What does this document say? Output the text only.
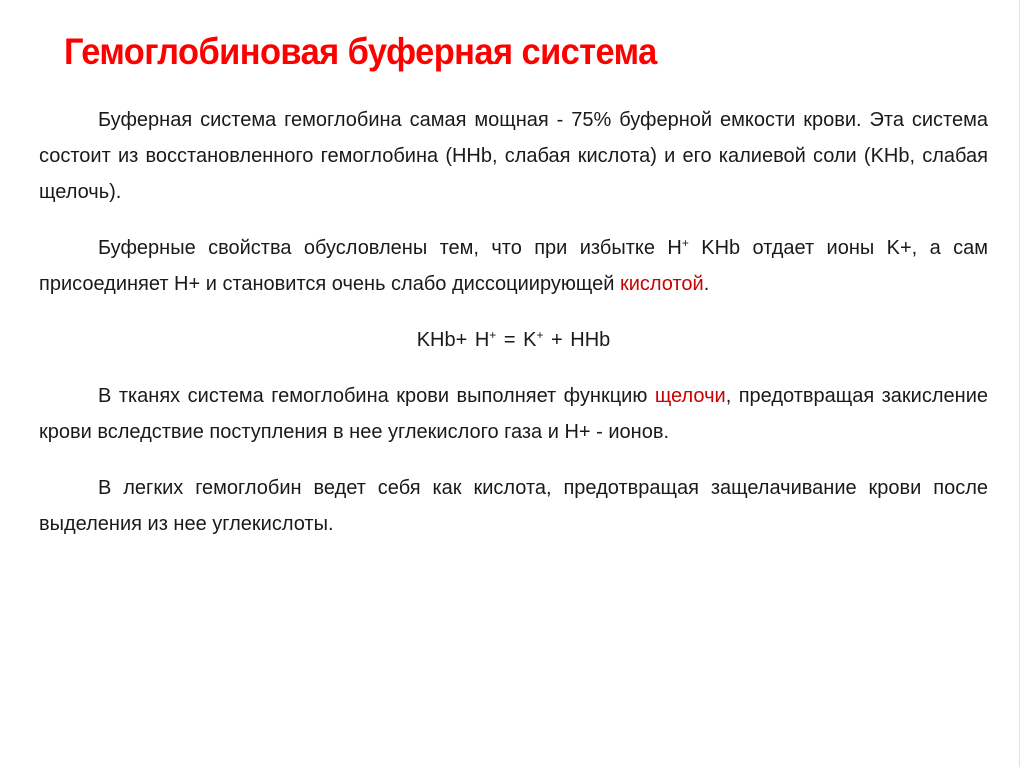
Гемоглобиновая буферная система

Буферная система гемоглобина самая мощная - 75% буферной емкости крови. Эта система состоит из восстановленного гемоглобина (HHb, слабая кислота) и его калиевой соли (KHb, слабая щелочь).

Буферные свойства обусловлены тем, что при избытке H+ KHb отдает ионы K+, а сам присоединяет H+ и становится очень слабо диссоциирующей кислотой.

KHb+ H+ = K+ + HHb

В тканях система гемоглобина крови выполняет функцию щелочи, предотвращая закисление крови вследствие поступления в нее углекислого газа и H+ - ионов.

В легких гемоглобин ведет себя как кислота, предотвращая защелачивание крови после выделения из нее углекислоты.
